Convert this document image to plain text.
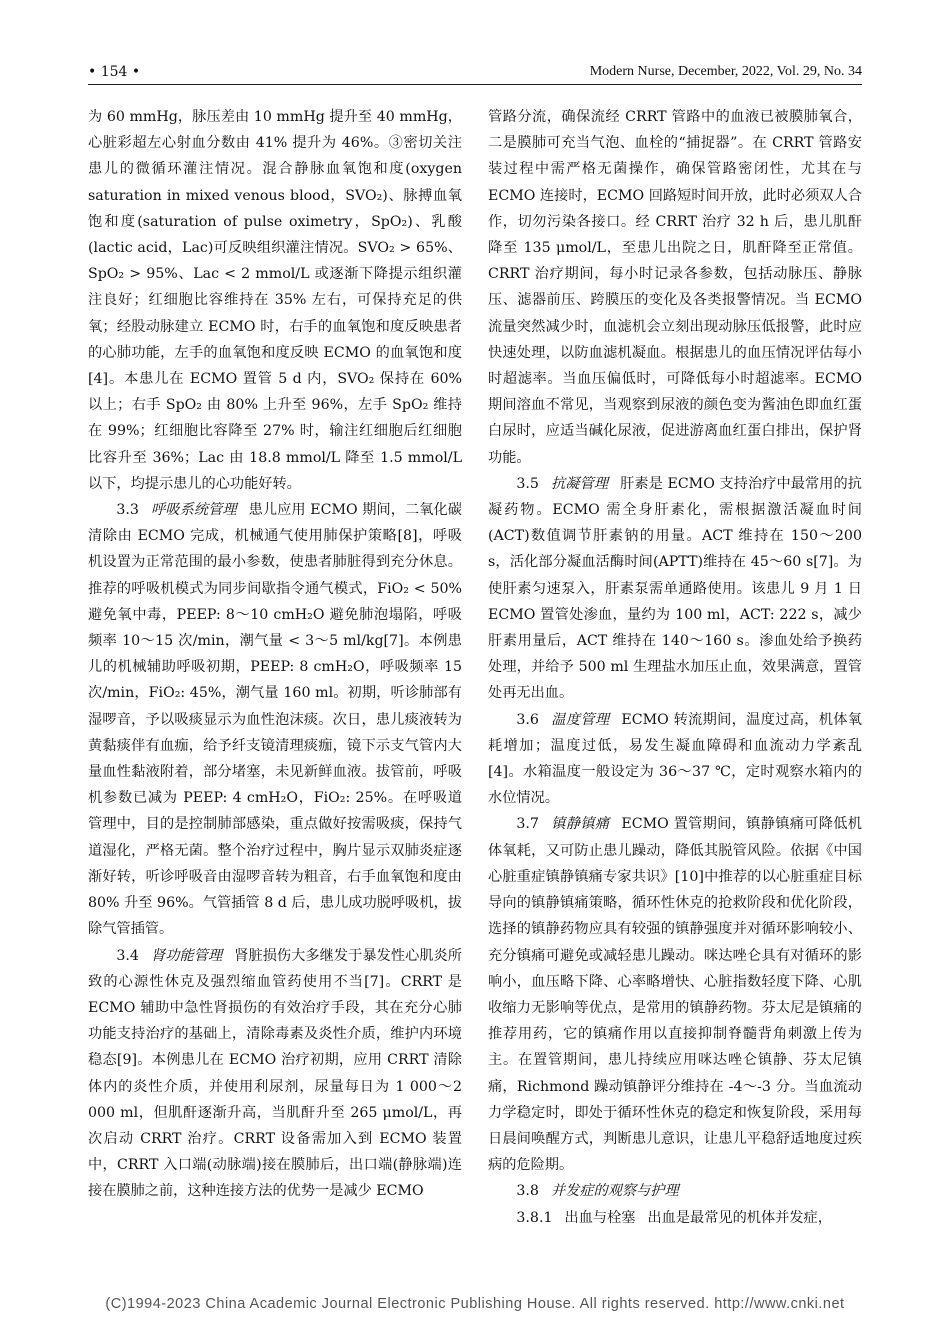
• 154 •	Modern Nurse, December, 2022, Vol. 29, No. 34

为 60 mmHg，脉压差由 10 mmHg 提升至 40 mmHg，心脏彩超左心射血分数由 41% 提升为 46%。③密切关注患儿的微循环灌注情况。混合静脉血氧饱和度(oxygen saturation in mixed venous blood，SVO₂)、脉搏血氧饱和度(saturation of pulse oximetry，SpO₂)、乳酸(lactic acid，Lac)可反映组织灌注情况。SVO₂ > 65%、SpO₂ > 95%、Lac < 2 mmol/L 或逐渐下降提示组织灌注良好；红细胞比容维持在 35% 左右，可保持充足的供氧；经股动脉建立 ECMO 时，右手的血氧饱和度反映患者的心肺功能，左手的血氧饱和度反映 ECMO 的血氧饱和度[4]。本患儿在 ECMO 置管 5 d 内，SVO₂ 保持在 60% 以上；右手 SpO₂ 由 80% 上升至 96%，左手 SpO₂ 维持在 99%；红细胞比容降至 27% 时，输注红细胞后红细胞比容升至 36%；Lac 由 18.8 mmol/L 降至 1.5 mmol/L 以下，均提示患儿的心功能好转。

3.3 呼吸系统管理 患儿应用 ECMO 期间，二氧化碳清除由 ECMO 完成，机械通气使用肺保护策略[8]，呼吸机设置为正常范围的最小参数，使患者肺脏得到充分休息。推荐的呼吸机模式为同步间歇指令通气模式，FiO₂ < 50% 避免氧中毒，PEEP: 8～10 cmH₂O 避免肺泡塌陷，呼吸频率 10～15 次/min，潮气量 < 3～5 ml/kg[7]。本例患儿的机械辅助呼吸初期，PEEP: 8 cmH₂O，呼吸频率 15 次/min，FiO₂: 45%，潮气量 160 ml。初期，听诊肺部有湿啰音，予以吸痰显示为血性泡沫痰。次日，患儿痰液转为黄黏痰伴有血痂，给予纤支镜清理痰痂，镜下示支气管内大量血性黏液附着，部分堵塞，未见新鲜血液。拔管前，呼吸机参数已减为 PEEP: 4 cmH₂O，FiO₂: 25%。在呼吸道管理中，目的是控制肺部感染，重点做好按需吸痰，保持气道湿化，严格无菌。整个治疗过程中，胸片显示双肺炎症逐渐好转，听诊呼吸音由湿啰音转为粗音，右手血氧饱和度由 80% 升至 96%。气管插管 8 d 后，患儿成功脱呼吸机，拔除气管插管。

3.4 肾功能管理 肾脏损伤大多继发于暴发性心肌炎所致的心源性休克及强烈缩血管药使用不当[7]。CRRT 是 ECMO 辅助中急性肾损伤的有效治疗手段，其在充分心肺功能支持治疗的基础上，清除毒素及炎性介质，维护内环境稳态[9]。本例患儿在 ECMO 治疗初期，应用 CRRT 清除体内的炎性介质，并使用利尿剂，尿量每日为 1 000～2 000 ml，但肌酐逐渐升高，当肌酐升至 265 μmol/L，再次启动 CRRT 治疗。CRRT 设备需加入到 ECMO 装置中，CRRT 入口端(动脉端)接在膜肺后，出口端(静脉端)连接在膜肺之前，这种连接方法的优势一是减少 ECMO

管路分流，确保流经 CRRT 管路中的血液已被膜肺氧合，二是膜肺可充当气泡、血栓的“捕捉器”。在 CRRT 管路安装过程中需严格无菌操作，确保管路密闭性，尤其在与 ECMO 连接时，ECMO 回路短时间开放，此时必须双人合作，切勿污染各接口。经 CRRT 治疗 32 h 后，患儿肌酐降至 135 μmol/L，至患儿出院之日，肌酐降至正常值。CRRT 治疗期间，每小时记录各参数，包括动脉压、静脉压、滤器前压、跨膜压的变化及各类报警情况。当 ECMO 流量突然减少时，血滤机会立刻出现动脉压低报警，此时应快速处理，以防血滤机凝血。根据患儿的血压情况评估每小时超滤率。当血压偏低时，可降低每小时超滤率。ECMO 期间溶血不常见，当观察到尿液的颜色变为酱油色即血红蛋白尿时，应适当碱化尿液，促进游离血红蛋白排出，保护肾功能。

3.5 抗凝管理 肝素是 ECMO 支持治疗中最常用的抗凝药物。ECMO 需全身肝素化，需根据激活凝血时间(ACT)数值调节肝素钠的用量。ACT 维持在 150～200 s，活化部分凝血活酶时间(APTT)维持在 45～60 s[7]。为使肝素匀速泵入，肝素泵需单通路使用。该患儿 9 月 1 日 ECMO 置管处渗血，量约为 100 ml，ACT: 222 s，减少肝素用量后，ACT 维持在 140～160 s。渗血处给予换药处理，并给予 500 ml 生理盐水加压止血，效果满意，置管处再无出血。

3.6 温度管理 ECMO 转流期间，温度过高，机体氧耗增加；温度过低，易发生凝血障碍和血流动力学紊乱[4]。水箱温度一般设定为 36～37 ℃，定时观察水箱内的水位情况。

3.7 镇静镇痛 ECMO 置管期间，镇静镇痛可降低机体氧耗，又可防止患儿躁动，降低其脱管风险。依据《中国心脏重症镇静镇痛专家共识》[10]中推荐的以心脏重症目标导向的镇静镇痛策略，循环性休克的抢救阶段和优化阶段，选择的镇静药物应具有较强的镇静强度并对循环影响较小、充分镇痛可避免或减轻患儿躁动。咪达唑仑具有对循环的影响小，血压略下降、心率略增快、心脏指数轻度下降、心肌收缩力无影响等优点，是常用的镇静药物。芬太尼是镇痛的推荐用药，它的镇痛作用以直接抑制脊髓背角刺激上传为主。在置管期间，患儿持续应用咪达唑仑镇静、芬太尼镇痛，Richmond 躁动镇静评分维持在 -4～-3 分。当血流动力学稳定时，即处于循环性休克的稳定和恢复阶段，采用每日晨间唤醒方式，判断患儿意识，让患儿平稳舒适地度过疾病的危险期。

3.8 并发症的观察与护理

3.8.1 出血与栓塞 出血是最常见的机体并发症，

(C)1994-2023 China Academic Journal Electronic Publishing House. All rights reserved. http://www.cnki.net
